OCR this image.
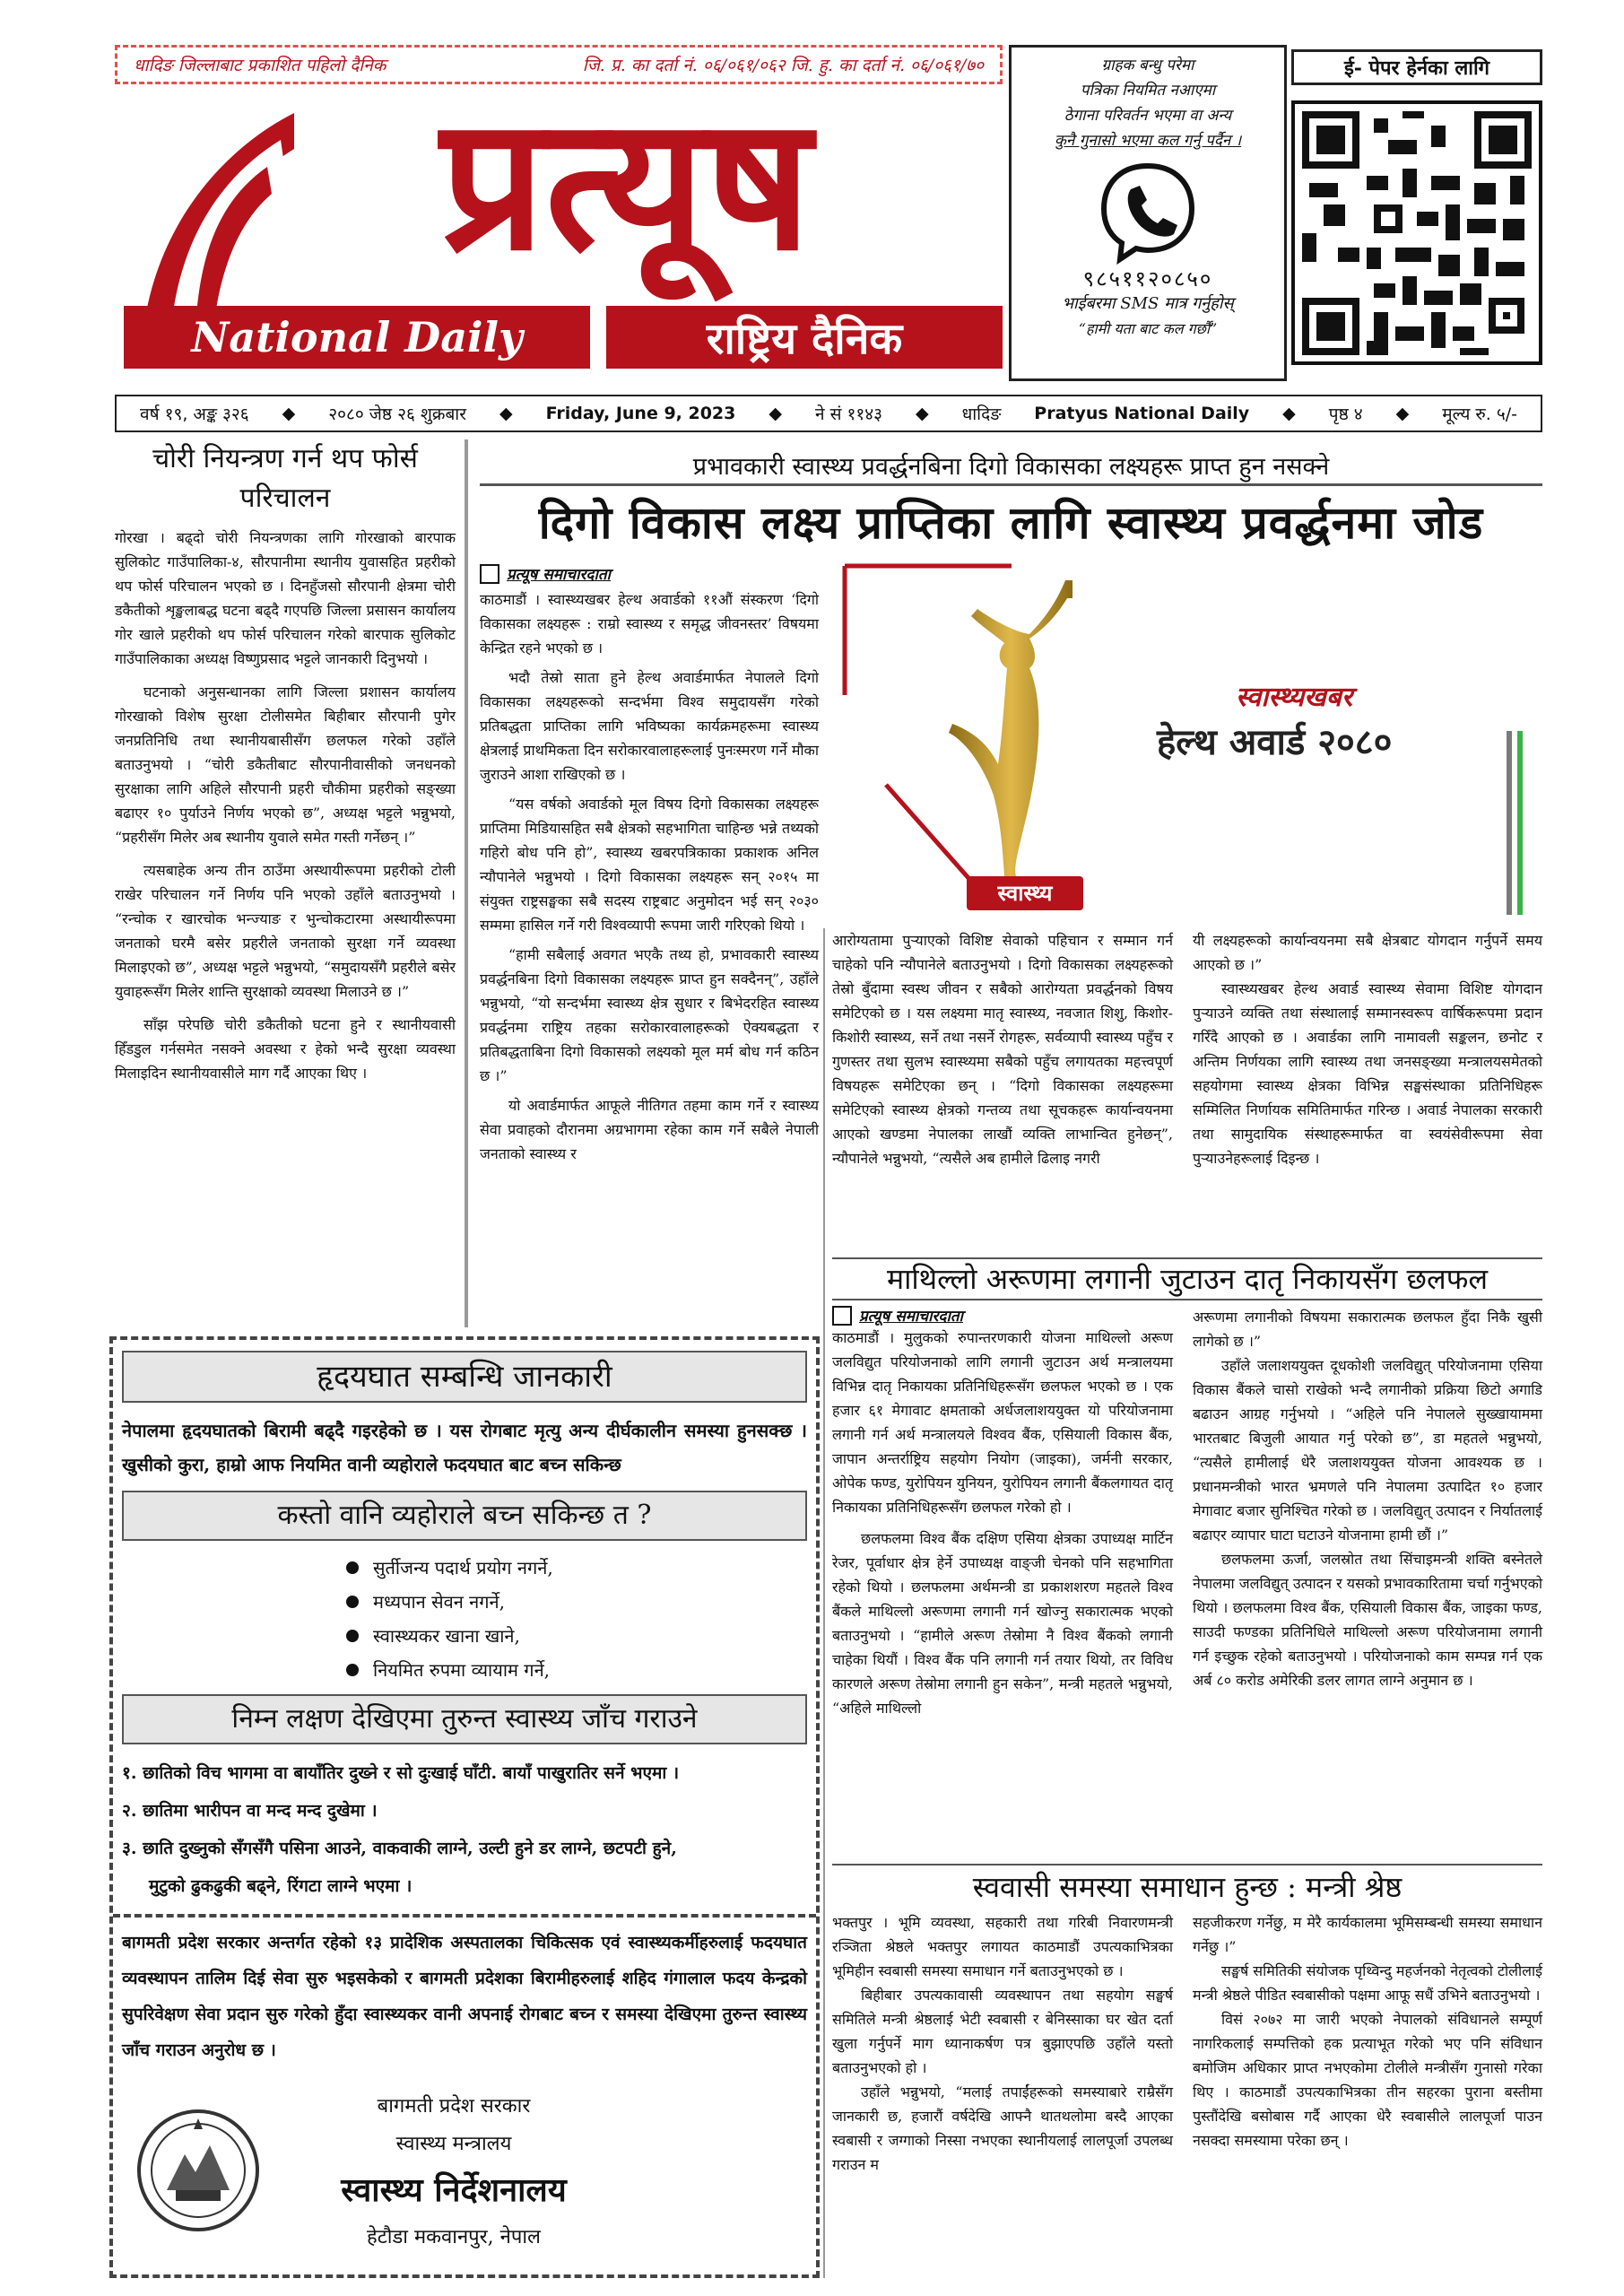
धादिङ जिल्लाबाट प्रकाशित पहिलो दैनिक	जि. प्र. का दर्ता नं. ०६/०६१/०६२ जि. हु. का दर्ता नं. ०६/०६१/७०
प्रत्यूष
National Daily	राष्ट्रिय दैनिक
ग्राहक बन्धु परेमा
पत्रिका नियमित नआएमा
ठेगाना परिवर्तन भएमा वा अन्य
कुनै गुनासो भएमा कल गर्नु पर्दैन ।
९८५११२०८५०
भाईबरमा SMS मात्र गर्नुहोस्
“हामी यता बाट कल गर्छौं”
ई- पेपर हेर्नका लागि
वर्ष १९, अङ्क ३२६ ◆ २०८० जेष्ठ २६ शुक्रबार ◆ Friday, June 9, 2023 ◆ ने सं ११४३ ◆ धादिङ Pratyus National Daily ◆ पृष्ठ ४ ◆ मूल्य रु. ५/-
चोरी नियन्त्रण गर्न थप फोर्स परिचालन

गोरखा । बढ्दो चोरी नियन्त्रणका लागि गोरखाको बारपाक सुलिकोट गाउँपालिका-४, सौरपानीमा स्थानीय युवासहित प्रहरीको थप फोर्स परिचालन भएको छ । दिनहुँजसो सौरपानी क्षेत्रमा चोरी डकैतीको शृङ्खलाबद्ध घटना बढ्दै गएपछि जिल्ला प्रसासन कार्यालय गोर खाले प्रहरीको थप फोर्स परिचालन गरेको बारपाक सुलिकोट गाउँपालिकाका अध्यक्ष विष्णुप्रसाद भट्टले जानकारी दिनुभयो ।

घटनाको अनुसन्धानका लागि जिल्ला प्रशासन कार्यालय गोरखाको विशेष सुरक्षा टोलीसमेत बिहीबार सौरपानी पुगेर जनप्रतिनिधि तथा स्थानीयबासीसँग छलफल गरेको उहाँले बताउनुभयो । “चोरी डकैतीबाट सौरपानीवासीको जनधनको सुरक्षाका लागि अहिले सौरपानी प्रहरी चौकीमा प्रहरीको सङ्ख्या बढाएर १० पुर्याउने निर्णय भएको छ”, अध्यक्ष भट्टले भन्नुभयो, “प्रहरीसँग मिलेर अब स्थानीय युवाले समेत गस्ती गर्नेछन् ।”

त्यसबाहेक अन्य तीन ठाउँमा अस्थायीरूपमा प्रहरीको टोली राखेर परिचालन गर्ने निर्णय पनि भएको उहाँले बताउनुभयो । “रन्चोक र खारचोक भन्ज्याङ र भुन्चोकटारमा अस्थायीरूपमा जनताको घरमै बसेर प्रहरीले जनताको सुरक्षा गर्ने व्यवस्था मिलाइएको छ”, अध्यक्ष भट्टले भन्नुभयो, “समुदायसँगै प्रहरीले बसेर युवाहरूसँग मिलेर शान्ति सुरक्षाको व्यवस्था मिलाउने छ ।”

साँझ परेपछि चोरी डकैतीको घटना हुने र स्थानीयवासी हिँडडुल गर्नसमेत नसक्ने अवस्था र हेको भन्दै सुरक्षा व्यवस्था मिलाइदिन स्थानीयवासीले माग गर्दै आएका थिए ।

प्रभावकारी स्वास्थ्य प्रवर्द्धनबिना दिगो विकासका लक्ष्यहरू प्राप्त हुन नसक्ने
दिगो विकास लक्ष्य प्राप्तिका लागि स्वास्थ्य प्रवर्द्धनमा जोड
प्रत्यूष समाचारदाता

काठमाडौं । स्वास्थ्यखबर हेल्थ अवार्डको ११औं संस्करण ‘दिगो विकासका लक्ष्यहरू : राम्रो स्वास्थ्य र समृद्ध जीवनस्तर’ विषयमा केन्द्रित रहने भएको छ ।

भदौ तेस्रो साता हुने हेल्थ अवार्डमार्फत नेपालले दिगो विकासका लक्ष्यहरूको सन्दर्भमा विश्व समुदायसँग गरेको प्रतिबद्धता प्राप्तिका लागि भविष्यका कार्यक्रमहरूमा स्वास्थ्य क्षेत्रलाई प्राथमिकता दिन सरोकारवालाहरूलाई पुनःस्मरण गर्ने मौका जुराउने आशा राखिएको छ ।

“यस वर्षको अवार्डको मूल विषय दिगो विकासका लक्ष्यहरू प्राप्तिमा मिडियासहित सबै क्षेत्रको सहभागिता चाहिन्छ भन्ने तथ्यको गहिरो बोध पनि हो”, स्वास्थ्य खबरपत्रिकाका प्रकाशक अनिल न्यौपानेले भन्नुभयो । दिगो विकासका लक्ष्यहरू सन् २०१५ मा संयुक्त राष्ट्रसङ्घका सबै सदस्य राष्ट्रबाट अनुमोदन भई सन् २०३० सम्ममा हासिल गर्ने गरी विश्वव्यापी रूपमा जारी गरिएको थियो ।

“हामी सबैलाई अवगत भएकै तथ्य हो, प्रभावकारी स्वास्थ्य प्रवर्द्धनबिना दिगो विकासका लक्ष्यहरू प्राप्त हुन सक्दैनन्”, उहाँले भन्नुभयो, “यो सन्दर्भमा स्वास्थ्य क्षेत्र सुधार र बिभेदरहित स्वास्थ्य प्रवर्द्धनमा राष्ट्रिय तहका सरोकारवालाहरूको ऐक्यबद्धता र प्रतिबद्धताबिना दिगो विकासको लक्ष्यको मूल मर्म बोध गर्न कठिन छ ।”

यो अवार्डमार्फत आफूले नीतिगत तहमा काम गर्ने र स्वास्थ्य सेवा प्रवाहको दौरानमा अग्रभागमा रहेका काम गर्ने सबैले नेपाली जनताको स्वास्थ्य र

स्वास्थ्य
स्वास्थ्यखबर
हेल्थ अवार्ड २०८०

आरोग्यतामा पुऱ्याएको विशिष्ट सेवाको पहिचान र सम्मान गर्न चाहेको पनि न्यौपानेले बताउनुभयो । दिगो विकासका लक्ष्यहरूको तेस्रो बुँदामा स्वस्थ जीवन र सबैको आरोग्यता प्रवर्द्धनको विषय समेटिएको छ । यस लक्ष्यमा मातृ स्वास्थ्य, नवजात शिशु, किशोर-किशोरी स्वास्थ्य, सर्ने तथा नसर्ने रोगहरू, सर्वव्यापी स्वास्थ्य पहुँच र गुणस्तर तथा सुलभ स्वास्थ्यमा सबैको पहुँच लगायतका महत्त्वपूर्ण विषयहरू समेटिएका छन् । “दिगो विकासका लक्ष्यहरूमा समेटिएको स्वास्थ्य क्षेत्रको गन्तव्य तथा सूचकहरू कार्यान्वयनमा आएको खण्डमा नेपालका लाखौं व्यक्ति लाभान्वित हुनेछन्”, न्यौपानेले भन्नुभयो, “त्यसैले अब हामीले ढिलाइ नगरी

यी लक्ष्यहरूको कार्यान्वयनमा सबै क्षेत्रबाट योगदान गर्नुपर्ने समय आएको छ ।”

स्वास्थ्यखबर हेल्थ अवार्ड स्वास्थ्य सेवामा विशिष्ट योगदान पुऱ्याउने व्यक्ति तथा संस्थालाई सम्मानस्वरूप वार्षिकरूपमा प्रदान गरिँदै आएको छ । अवार्डका लागि नामावली सङ्कलन, छनोट र अन्तिम निर्णयका लागि स्वास्थ्य तथा जनसङ्ख्या मन्त्रालयसमेतको सहयोगमा स्वास्थ्य क्षेत्रका विभिन्न सङ्घसंस्थाका प्रतिनिधिहरू सम्मिलित निर्णायक समितिमार्फत गरिन्छ । अवार्ड नेपालका सरकारी तथा सामुदायिक संस्थाहरूमार्फत वा स्वयंसेवीरूपमा सेवा पुऱ्याउनेहरूलाई दिइन्छ ।

माथिल्लो अरूणमा लगानी जुटाउन दातृ निकायसँग छलफल
प्रत्यूष समाचारदाता

काठमाडौं । मुलुकको रुपान्तरणकारी योजना माथिल्लो अरूण जलविद्युत परियोजनाको लागि लगानी जुटाउन अर्थ मन्त्रालयमा विभिन्न दातृ निकायका प्रतिनिधिहरूसँग छलफल भएको छ । एक हजार ६१ मेगावाट क्षमताको अर्धजलाशययुक्त यो परियोजनामा लगानी गर्न अर्थ मन्त्रालयले विश्वव बैंक, एसियाली विकास बैंक, जापान अन्तर्राष्ट्रिय सहयोग नियोग (जाइका), जर्मनी सरकार, ओपेक फण्ड, युरोपियन युनियन, युरोपियन लगानी बैंकलगायत दातृ निकायका प्रतिनिधिहरूसँग छलफल गरेको हो ।

छलफलमा विश्व बैंक दक्षिण एसिया क्षेत्रका उपाध्यक्ष मार्टिन रेजर, पूर्वाधार क्षेत्र हेर्ने उपाध्यक्ष वाङ्जी चेनको पनि सहभागिता रहेको थियो । छलफलमा अर्थमन्त्री डा प्रकाशशरण महतले विश्व बैंकले माथिल्लो अरूणमा लगानी गर्न खोज्नु सकारात्मक भएको बताउनुभयो । “हामीले अरूण तेस्रोमा नै विश्व बैंकको लगानी चाहेका थियौं । विश्व बैंक पनि लगानी गर्न तयार थियो, तर विविध कारणले अरूण तेस्रोमा लगानी हुन सकेन”, मन्त्री महतले भन्नुभयो, “अहिले माथिल्लो

अरूणमा लगानीको विषयमा सकारात्मक छलफल हुँदा निकै खुसी लागेको छ ।”

उहाँले जलाशययुक्त दूधकोशी जलविद्युत् परियोजनामा एसिया विकास बैंकले चासो राखेको भन्दै लगानीको प्रक्रिया छिटो अगाडि बढाउन आग्रह गर्नुभयो । “अहिले पनि नेपालले सुख्खायाममा भारतबाट बिजुली आयात गर्नु परेको छ”, डा महतले भन्नुभयो, “त्यसैले हामीलाई धेरै जलाशययुक्त योजना आवश्यक छ । प्रधानमन्त्रीको भारत भ्रमणले पनि नेपालमा उत्पादित १० हजार मेगावाट बजार सुनिश्चित गरेको छ । जलविद्युत् उत्पादन र निर्यातलाई बढाएर व्यापार घाटा घटाउने योजनामा हामी छौं ।”

छलफलमा ऊर्जा, जलस्रोत तथा सिंचाइमन्त्री शक्ति बस्नेतले नेपालमा जलविद्युत् उत्पादन र यसको प्रभावकारितामा चर्चा गर्नुभएको थियो । छलफलमा विश्व बैंक, एसियाली विकास बैंक, जाइका फण्ड, साउदी फण्डका प्रतिनिधिले माथिल्लो अरूण परियोजनामा लगानी गर्न इच्छुक रहेको बताउनुभयो । परियोजनाको काम सम्पन्न गर्न एक अर्ब ८० करोड अमेरिकी डलर लागत लाग्ने अनुमान छ ।

स्ववासी समस्या समाधान हुन्छ : मन्त्री श्रेष्ठ

भक्तपुर । भूमि व्यवस्था, सहकारी तथा गरिबी निवारणमन्त्री रञ्जिता श्रेष्ठले भक्तपुर लगायत काठमाडौं उपत्यकाभित्रका भूमिहीन स्वबासी समस्या समाधान गर्ने बताउनुभएको छ ।

बिहीबार उपत्यकावासी व्यवस्थापन तथा सहयोग सङ्घर्ष समितिले मन्त्री श्रेष्ठलाई भेटी स्वबासी र बेनिस्साका घर खेत दर्ता खुला गर्नुपर्ने माग ध्यानाकर्षण पत्र बुझाएपछि उहाँले यस्तो बताउनुभएको हो ।

उहाँले भन्नुभयो, “मलाई तपाईंहरूको समस्याबारे राम्रैसँग जानकारी छ, हजारौं वर्षदेखि आफ्नै थातथलोमा बस्दै आएका स्वबासी र जग्गाको निस्सा नभएका स्थानीयलाई लालपूर्जा उपलब्ध गराउन म

सहजीकरण गर्नेछु, म मेरै कार्यकालमा भूमिसम्बन्धी समस्या समाधान गर्नेछु ।”

सङ्घर्ष समितिकी संयोजक पृथ्विन्दु महर्जनको नेतृत्वको टोलीलाई मन्त्री श्रेष्ठले पीडित स्वबासीको पक्षमा आफू सधैं उभिने बताउनुभयो ।

विसं २०७२ मा जारी भएको नेपालको संविधानले सम्पूर्ण नागरिकलाई सम्पत्तिको हक प्रत्याभूत गरेको भए पनि संविधान बमोजिम अधिकार प्राप्त नभएकोमा टोलीले मन्त्रीसँग गुनासो गरेका थिए । काठमाडौं उपत्यकाभित्रका तीन सहरका पुराना बस्तीमा पुस्तौंदेखि बसोबास गर्दै आएका धेरै स्वबासीले लालपूर्जा पाउन नसक्दा समस्यामा परेका छन् ।

हृदयघात सम्बन्धि जानकारी
नेपालमा हृदयघातको बिरामी बढ्दै गइरहेको छ । यस रोगबाट मृत्यु अन्य दीर्घकालीन समस्या हुनसक्छ । खुसीको कुरा, हाम्रो आफ नियमित वानी व्यहोराले फदयघात बाट बच्न सकिन्छ
कस्तो वानि व्यहोराले बच्न सकिन्छ त ?
सुर्तीजन्य पदार्थ प्रयोग नगर्ने,
मध्यपान सेवन नगर्ने,
स्वास्थ्यकर खाना खाने,
नियमित रुपमा व्यायाम गर्ने,
निम्न लक्षण देखिएमा तुरुन्त स्वास्थ्य जाँच गराउने
१. छातिको विच भागमा वा बायाँतिर दुख्ने र सो दुःखाई घाँटी. बायाँ पाखुरातिर सर्ने भएमा ।
२. छातिमा भारीपन वा मन्द मन्द दुखेमा ।
३. छाति दुख्नुको सँगसँगै पसिना आउने, वाकवाकी लाग्ने, उल्टी हुने डर लाग्ने, छटपटी हुने,
मुटुको ढुकढुकी बढ्ने, रिंगटा लाग्ने भएमा ।
बागमती प्रदेश सरकार अन्तर्गत रहेको १३ प्रादेशिक अस्पतालका चिकित्सक एवं स्वास्थ्यकर्मीहरुलाई फदयघात व्यवस्थापन तालिम दिई सेवा सुरु भइसकेको र बागमती प्रदेशका बिरामीहरुलाई शहिद गंगालाल फदय केन्द्रको सुपरिवेक्षण सेवा प्रदान सुरु गरेको हुँदा स्वास्थ्यकर वानी अपनाई रोगबाट बच्न र समस्या देखिएमा तुरुन्त स्वास्थ्य जाँच गराउन अनुरोध छ ।
बागमती प्रदेश सरकार
स्वास्थ्य मन्त्रालय
स्वास्थ्य निर्देशनालय
हेटौडा मकवानपुर, नेपाल
